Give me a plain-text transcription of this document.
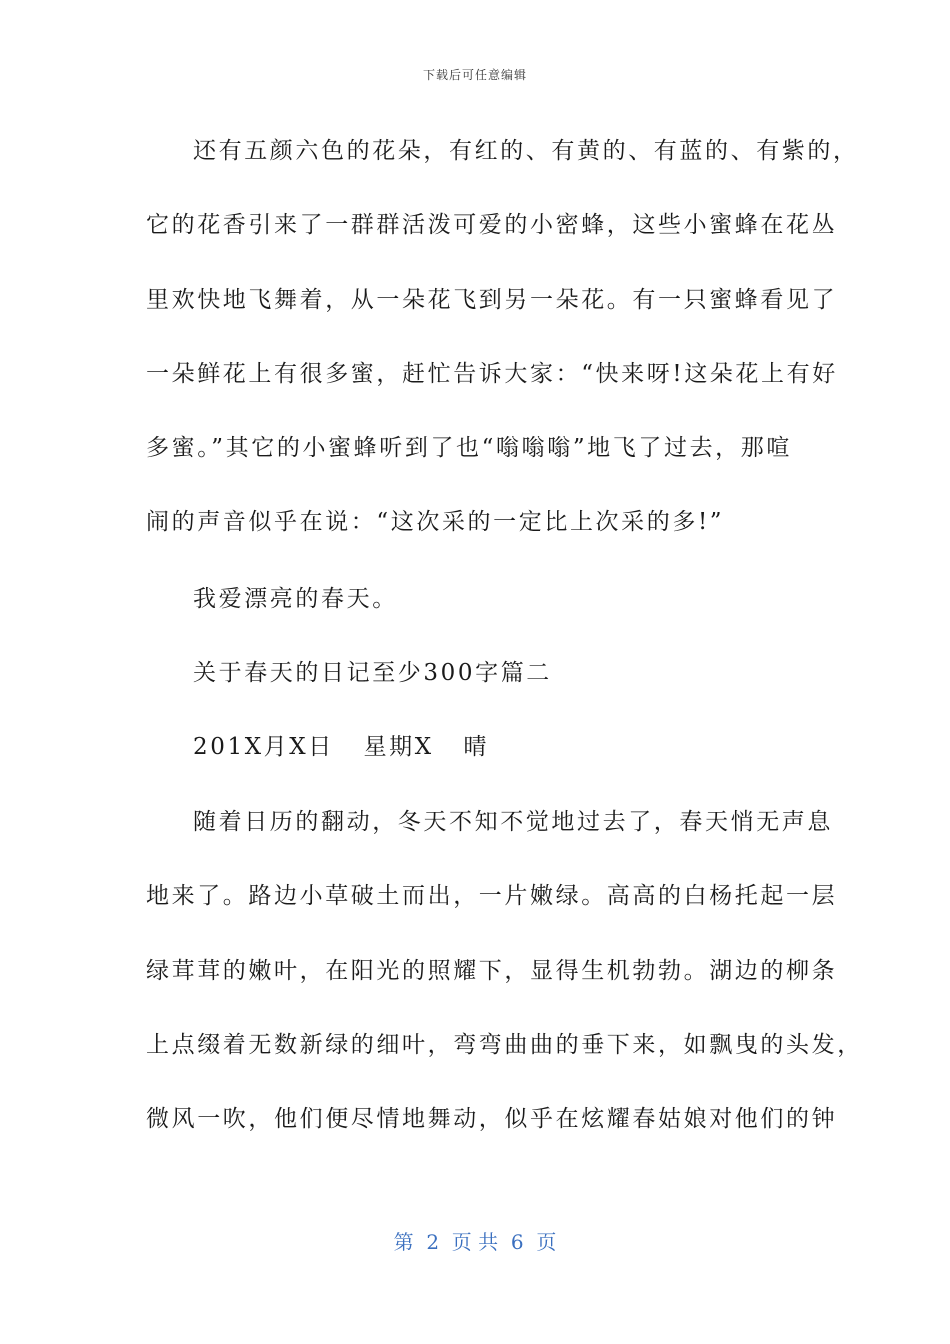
下载后可任意编辑
还有五颜六色的花朵，有红的、有黄的、有蓝的、有紫的，
它的花香引来了一群群活泼可爱的小密蜂，这些小蜜蜂在花丛
里欢快地飞舞着，从一朵花飞到另一朵花。有一只蜜蜂看见了
一朵鲜花上有很多蜜，赶忙告诉大家：“快来呀!这朵花上有好
多蜜。”其它的小蜜蜂听到了也“嗡嗡嗡”地飞了过去，那喧
闹的声音似乎在说：“这次采的一定比上次采的多!”
我爱漂亮的春天。
关于春天的日记至少300字篇二
201X月X日   星期X   晴
随着日历的翻动，冬天不知不觉地过去了，春天悄无声息
地来了。路边小草破土而出，一片嫩绿。高高的白杨托起一层
绿茸茸的嫩叶，在阳光的照耀下，显得生机勃勃。湖边的柳条
上点缀着无数新绿的细叶，弯弯曲曲的垂下来，如飘曳的头发，
微风一吹，他们便尽情地舞动，似乎在炫耀春姑娘对他们的钟
第  2  页 共  6  页
